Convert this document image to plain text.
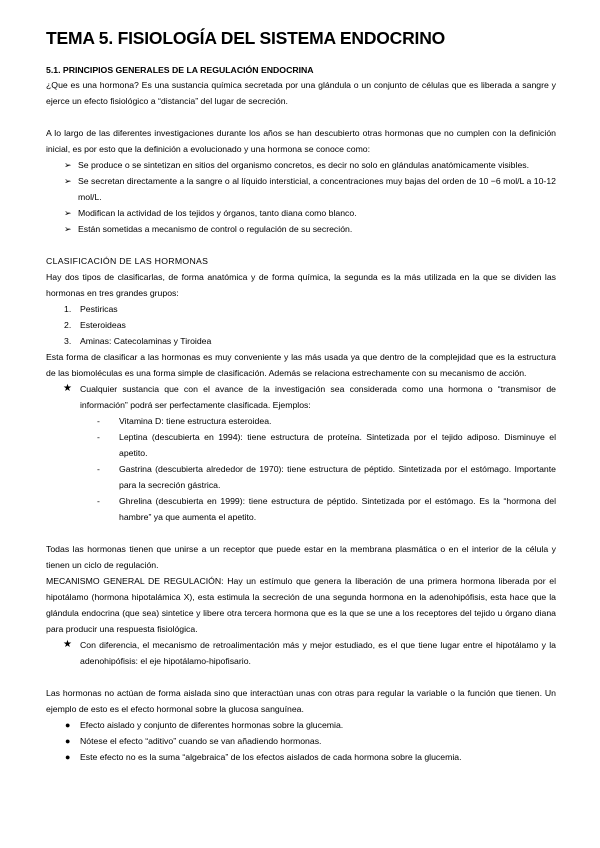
TEMA 5. FISIOLOGÍA DEL SISTEMA ENDOCRINO
5.1. PRINCIPIOS GENERALES DE LA REGULACIÓN ENDOCRINA

¿Que es una hormona? Es una sustancia química secretada por una glándula o un conjunto de células que es liberada a sangre y ejerce un efecto fisiológico a “distancia” del lugar de secreción.

A lo largo de las diferentes investigaciones durante los años se han descubierto otras hormonas que no cumplen con la definición inicial, es por esto que la definición a evolucionado y una hormona se conoce como:

➢ Se produce o se sintetizan en sitios del organismo concretos, es decir no solo en glándulas anatómicamente visibles.
➢ Se secretan directamente a la sangre o al líquido intersticial, a concentraciones muy bajas del orden de 10 −6 mol/L a 10-12 mol/L.
➢ Modifican la actividad de los tejidos y órganos, tanto diana como blanco.
➢ Están sometidas a mecanismo de control o regulación de su secreción.
CLASIFICACIÓN DE LAS HORMONAS

Hay dos tipos de clasificarlas, de forma anatómica y de forma química, la segunda es la más utilizada en la que se dividen las hormonas en tres grandes grupos:

1. Pestiricas
2. Esteroideas
3. Aminas: Catecolaminas y Tiroidea

Esta forma de clasificar a las hormonas es muy conveniente y las más usada ya que dentro de la complejidad que es la estructura de las biomoléculas es una forma simple de clasificación. Además se relaciona estrechamente con su mecanismo de acción.

★ Cualquier sustancia que con el avance de la investigación sea considerada como una hormona o “transmisor de información” podrá ser perfectamente clasificada. Ejemplos:
- Vitamina D: tiene estructura esteroidea.
- Leptina (descubierta en 1994): tiene estructura de proteína. Sintetizada por el tejido adiposo. Disminuye el apetito.
- Gastrina (descubierta alrededor de 1970): tiene estructura de péptido. Sintetizada por el estómago. Importante para la secreción gástrica.
- Ghrelina (descubierta en 1999): tiene estructura de péptido. Sintetizada por el estómago. Es la “hormona del hambre” ya que aumenta el apetito.

Todas las hormonas tienen que unirse a un receptor que puede estar en la membrana plasmática o en el interior de la célula y tienen un ciclo de regulación.

MECANISMO GENERAL DE REGULACIÓN: Hay un estímulo que genera la liberación de una primera hormona liberada por el hipotálamo (hormona hipotalámica X), esta estimula la secreción de una segunda hormona en la adenohipófisis, esta hace que la glándula endocrina (que sea) sintetice y libere otra tercera hormona que es la que se une a los receptores del tejido u órgano diana para producir una respuesta fisiológica.

★ Con diferencia, el mecanismo de retroalimentación más y mejor estudiado, es el que tiene lugar entre el hipotálamo y la adenohipófisis: el eje hipotálamo-hipofisario.

Las hormonas no actúan de forma aislada sino que interactúan unas con otras para regular la variable o la función que tienen. Un ejemplo de esto es el efecto hormonal sobre la glucosa sanguínea.

● Efecto aislado y conjunto de diferentes hormonas sobre la glucemia.
● Nótese el efecto “aditivo” cuando se van añadiendo hormonas.
● Este efecto no es la suma “algebraica” de los efectos aislados de cada hormona sobre la glucemia.
